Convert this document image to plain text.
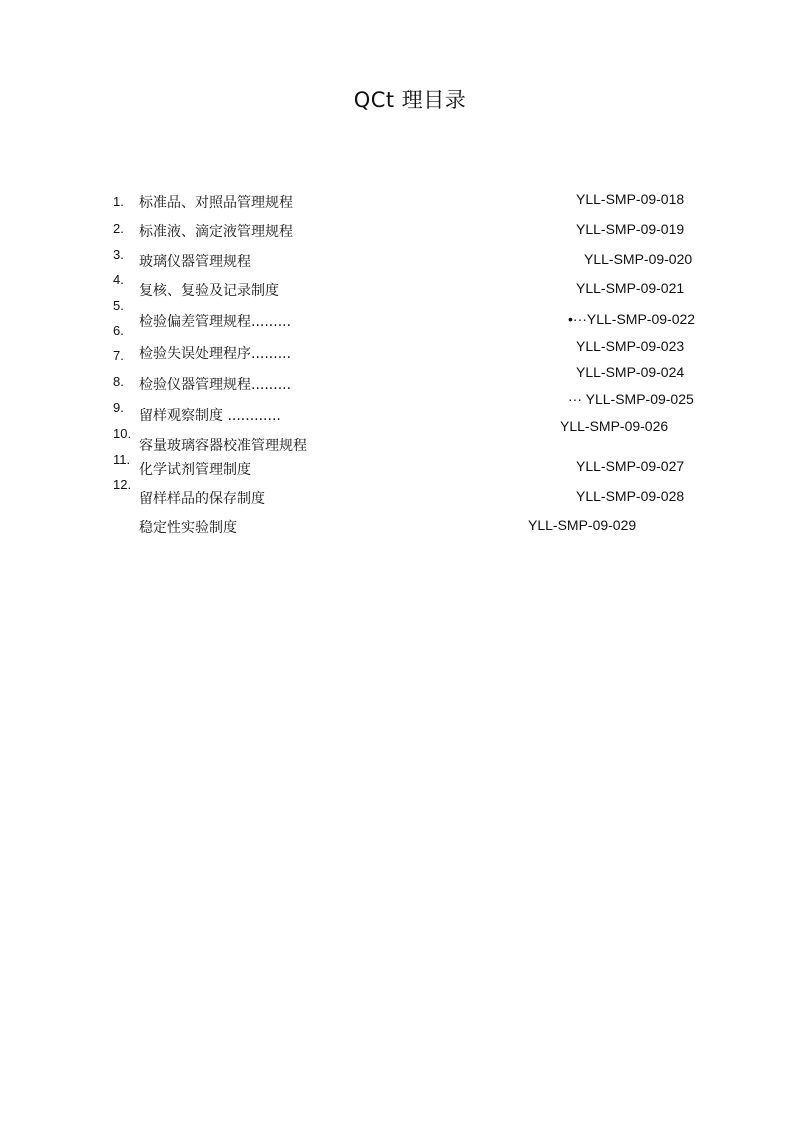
QCt 理目录
1.
2.
3.
4.
5.
6.
7.
8.
9.
10.
11.
12.
标准品、对照品管理规程
标准液、滴定液管理规程
玻璃仪器管理规程
复核、复验及记录制度
检验偏差管理规程.........
检验失误处理程序.........
检验仪器管理规程.........
留样观察制度 ............
容量玻璃容器校准管理规程
化学试剂管理制度
留样样品的保存制度
稳定性实验制度
YLL-SMP-09-018
YLL-SMP-09-019
YLL-SMP-09-020
YLL-SMP-09-021
•···YLL-SMP-09-022
YLL-SMP-09-023
YLL-SMP-09-024
··· YLL-SMP-09-025
YLL-SMP-09-026
YLL-SMP-09-027
YLL-SMP-09-028
YLL-SMP-09-029
